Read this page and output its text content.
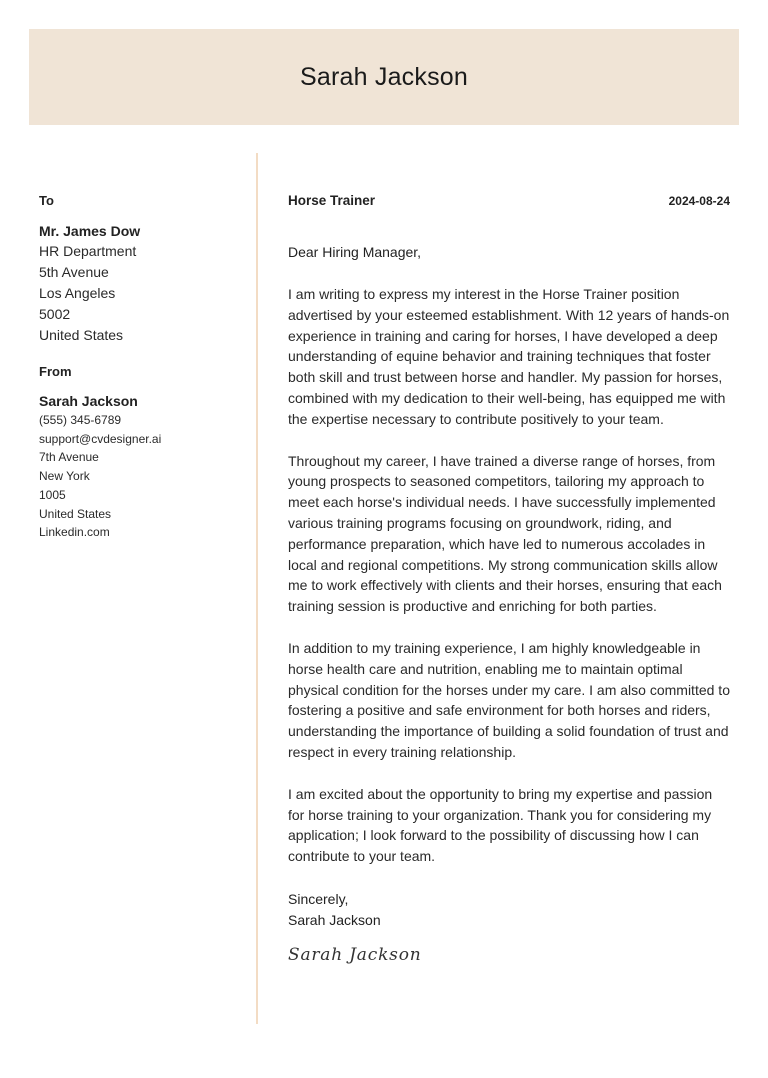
Sarah Jackson

To

Mr. James Dow
HR Department
5th Avenue
Los Angeles
5002
United States

From

Sarah Jackson
(555) 345-6789
support@cvdesigner.ai
7th Avenue
New York
1005
United States
Linkedin.com
Horse Trainer	2024-08-24
Dear Hiring Manager,
I am writing to express my interest in the Horse Trainer position advertised by your esteemed establishment. With 12 years of hands-on experience in training and caring for horses, I have developed a deep understanding of equine behavior and training techniques that foster both skill and trust between horse and handler. My passion for horses, combined with my dedication to their well-being, has equipped me with the expertise necessary to contribute positively to your team.
Throughout my career, I have trained a diverse range of horses, from young prospects to seasoned competitors, tailoring my approach to meet each horse's individual needs. I have successfully implemented various training programs focusing on groundwork, riding, and performance preparation, which have led to numerous accolades in local and regional competitions. My strong communication skills allow me to work effectively with clients and their horses, ensuring that each training session is productive and enriching for both parties.
In addition to my training experience, I am highly knowledgeable in horse health care and nutrition, enabling me to maintain optimal physical condition for the horses under my care. I am also committed to fostering a positive and safe environment for both horses and riders, understanding the importance of building a solid foundation of trust and respect in every training relationship.
I am excited about the opportunity to bring my expertise and passion for horse training to your organization. Thank you for considering my application; I look forward to the possibility of discussing how I can contribute to your team.
Sincerely,
Sarah Jackson
Sarah Jackson
